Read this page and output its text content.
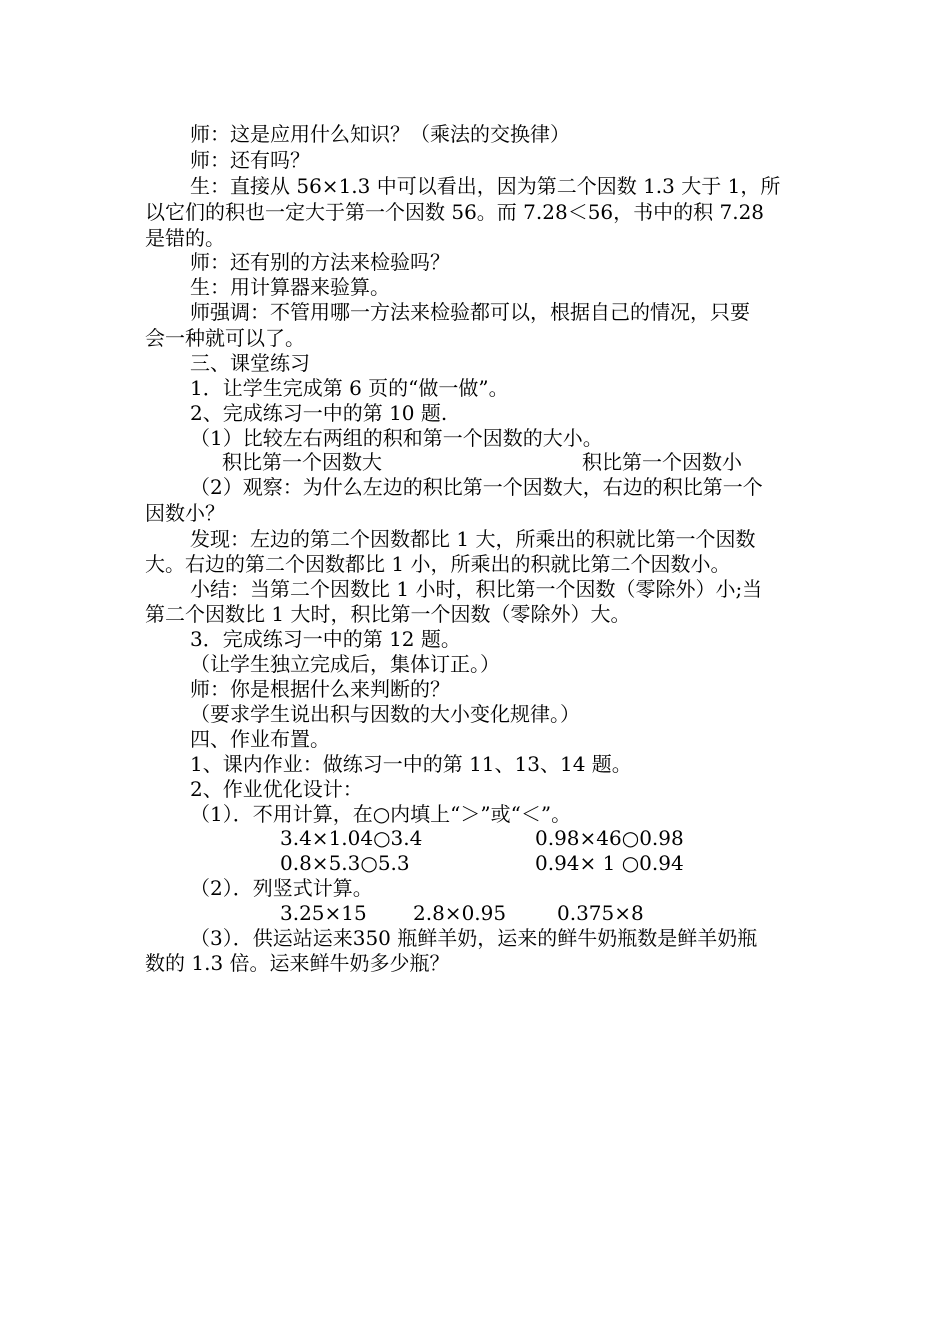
师：这是应用什么知识？（乘法的交换律）
师：还有吗？
生：直接从 56×1.3 中可以看出，因为第二个因数 1.3 大于 1，所
以它们的积也一定大于第一个因数 56。而 7.28＜56，书中的积 7.28
是错的。
师：还有别的方法来检验吗？
生：用计算器来验算。
师强调：不管用哪一方法来检验都可以，根据自己的情况，只要
会一种就可以了。
三、课堂练习
1．让学生完成第 6 页的“做一做”。
2、完成练习一中的第 10 题.
（1）比较左右两组的积和第一个因数的大小。
积比第一个因数大	积比第一个因数小
（2）观察：为什么左边的积比第一个因数大，右边的积比第一个
因数小？
发现：左边的第二个因数都比 1 大，所乘出的积就比第一个因数
大。右边的第二个因数都比 1 小，所乘出的积就比第二个因数小。
小结：当第二个因数比 1 小时，积比第一个因数（零除外）小;当
第二个因数比 1 大时，积比第一个因数（零除外）大。
3．完成练习一中的第 12 题。
（让学生独立完成后，集体订正。）
师：你是根据什么来判断的？
（要求学生说出积与因数的大小变化规律。）
四、作业布置。
1、课内作业：做练习一中的第 11、13、14 题。
2、作业优化设计：
（1）．不用计算，在○内填上“＞”或“＜”。
3.4×1.04○3.4	0.98×46○0.98
0.8×5.3○5.3	0.94× 1 ○0.94
（2）．列竖式计算。
3.25×15 2.8×0.95	0.375×8
（3）．供运站运来350 瓶鲜羊奶，运来的鲜牛奶瓶数是鲜羊奶瓶
数的 1.3 倍。运来鲜牛奶多少瓶？
